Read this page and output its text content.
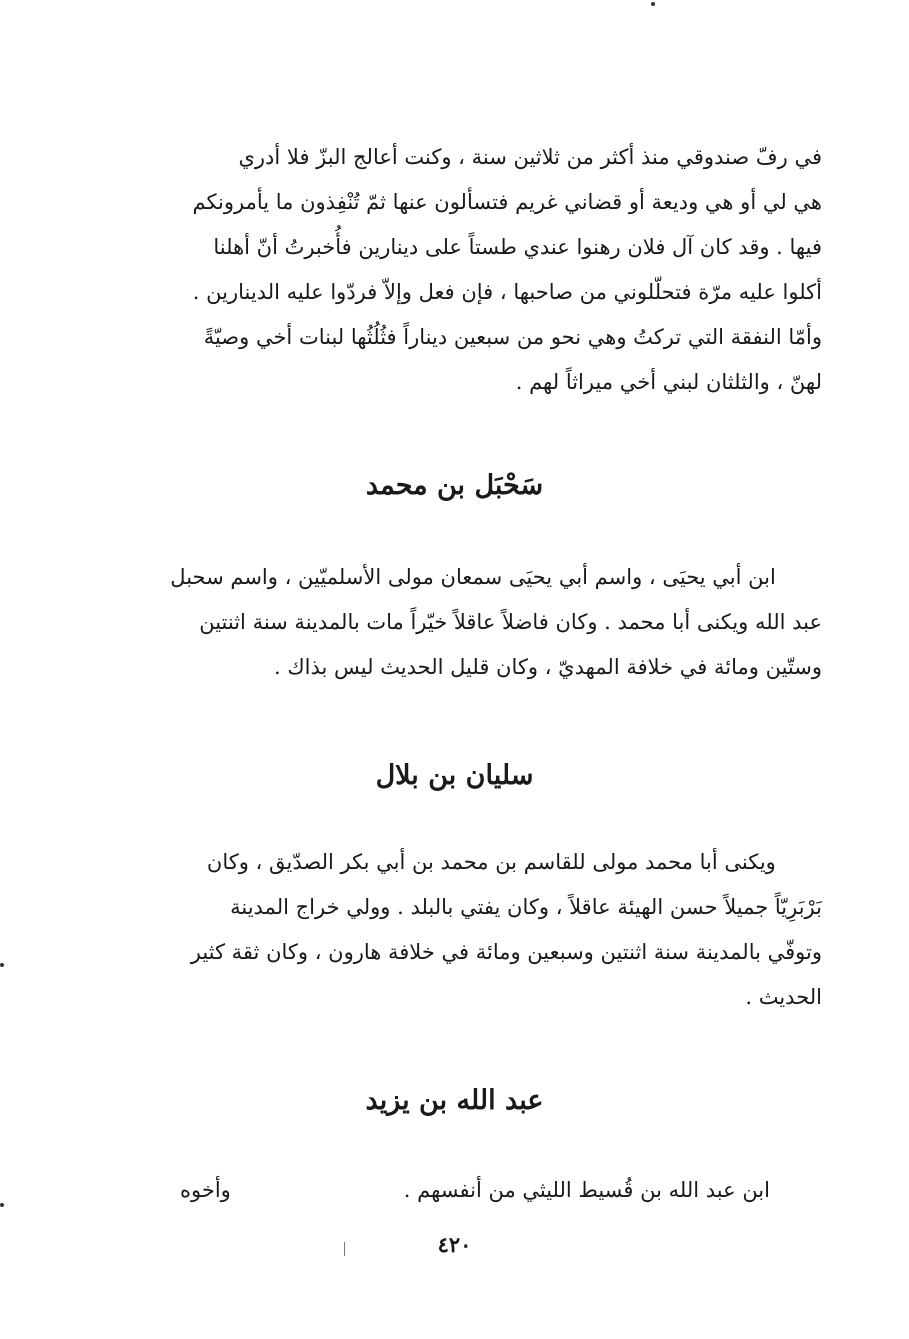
في رفّ صندوقي منذ أكثر من ثلاثين سنة ، وكنت أعالج البزّ فلا أدري
هي لي أو هي وديعة أو قضاني غريم فتسألون عنها ثمّ تُنْفِذون ما يأمرونكم
فيها . وقد كان آل فلان رهنوا عندي طستاً على دينارين فأُخبرتُ أنّ أهلنا
أكلوا عليه مرّة فتحلّلوني من صاحبها ، فإن فعل وإلاّ فردّوا عليه الدينارين .
وأمّا النفقة التي تركتُ وهي نحو من سبعين ديناراً فثُلُثُها لبنات أخي وصيّةً
لهنّ ، والثلثان لبني أخي ميراثاً لهم .
سَحْبَل بن محمد
ابن أبي يحيَى ، واسم أبي يحيَى سمعان مولى الأسلميّين ، واسم سحبل
عبد الله ويكنى أبا محمد . وكان فاضلاً عاقلاً خيّراً مات بالمدينة سنة اثنتين
وستّين ومائة في خلافة المهديّ ، وكان قليل الحديث ليس بذاك .
سليان بن بلال
ويكنى أبا محمد مولى للقاسم بن محمد بن أبي بكر الصدّيق ، وكان
بَرْبَرِيّاً جميلاً حسن الهيئة عاقلاً ، وكان يفتي بالبلد . وولي خراج المدينة
وتوفّي بالمدينة سنة اثنتين وسبعين ومائة في خلافة هارون ، وكان ثقة كثير
الحديث .
عبد الله بن يزيد
ابن عبد الله بن قُسيط الليثي من أنفسهم .
وأخوه
٤٢٠
